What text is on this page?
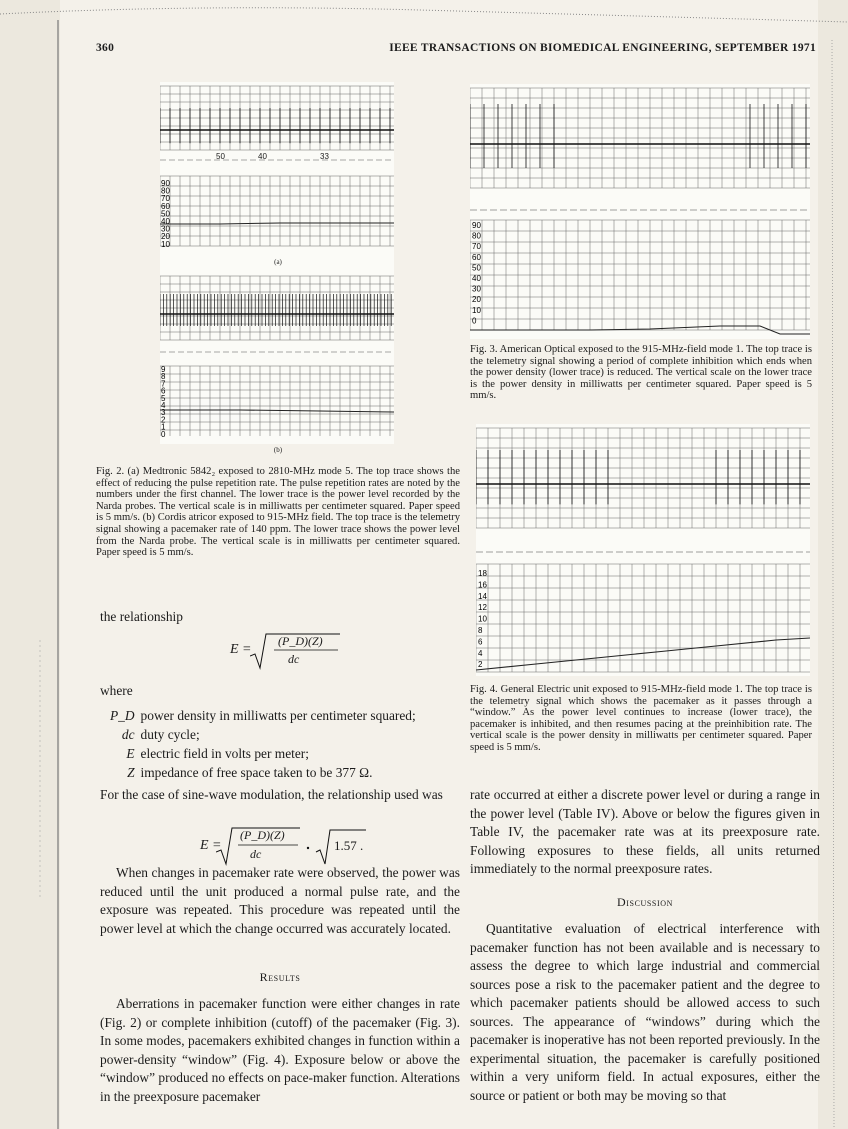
360	IEEE TRANSACTIONS ON BIOMEDICAL ENGINEERING, SEPTEMBER 1971
90
80
70
60
50
40
30
20
10
50	40	33
(a)
9
8
7
6
5
4
3
2
1
0
(b)
Fig. 2. (a) Medtronic 5842₂ exposed to 2810-MHz mode 5. The top trace shows the effect of reducing the pulse repetition rate. The pulse repetition rates are noted by the numbers under the first channel. The lower trace is the power level recorded by the Narda probes. The vertical scale is in milliwatts per centimeter squared. Paper speed is 5 mm/s. (b) Cordis atricor exposed to 915-MHz field. The top trace is the telemetry signal showing a pacemaker rate of 140 ppm. The lower trace shows the power level from the Narda probe. The vertical scale is in milliwatts per centimeter squared. Paper speed is 5 mm/s.
90
80
70
60
50
40
30
20
10
0
Fig. 3. American Optical exposed to the 915-MHz-field mode 1. The top trace is the telemetry signal showing a period of complete inhibition which ends when the power density (lower trace) is reduced. The vertical scale on the lower trace is the power density in milliwatts per centimeter squared. Paper speed is 5 mm/s.
18
16
14
12
10
8
6
4
2
Fig. 4. General Electric unit exposed to 915-MHz-field mode 1. The top trace is the telemetry signal which shows the pacemaker as it passes through a “window.” As the power level continues to increase (lower trace), the pacemaker is inhibited, and then resumes pacing at the preinhibition rate. The vertical scale is the power density in milliwatts per centimeter squared. Paper speed is 5 mm/s.
the relationship
E =
(P_D)(Z)
dc
where
P_D	power density in milliwatts per centimeter squared;
dc	duty cycle;
E	electric field in volts per meter;
Z	impedance of free space taken to be 377 Ω.
For the case of sine-wave modulation, the relationship used was
E =
(P_D)(Z)
dc
1.57 .
When changes in pacemaker rate were observed, the power was reduced until the unit produced a normal pulse rate, and the exposure was repeated. This procedure was repeated until the power level at which the change occurred was accurately located.
Results
Aberrations in pacemaker function were either changes in rate (Fig. 2) or complete inhibition (cutoff) of the pacemaker (Fig. 3). In some modes, pacemakers exhibited changes in function within a power-density “window” (Fig. 4). Exposure below or above the “window” produced no effects on pace-maker function. Alterations in the preexposure pacemaker
rate occurred at either a discrete power level or during a range in the power level (Table IV). Above or below the figures given in Table IV, the pacemaker rate was at its preexposure rate. Following exposures to these fields, all units returned immediately to the normal preexposure rates.
Discussion
Quantitative evaluation of electrical interference with pacemaker function has not been available and is necessary to assess the degree to which large industrial and commercial sources pose a risk to the pacemaker patient and the degree to which pacemaker patients should be allowed access to such sources. The appearance of “windows” during which the pacemaker is inoperative has not been reported previously. In the experimental situation, the pacemaker is carefully positioned within a very uniform field. In actual exposures, either the source or patient or both may be moving so that
